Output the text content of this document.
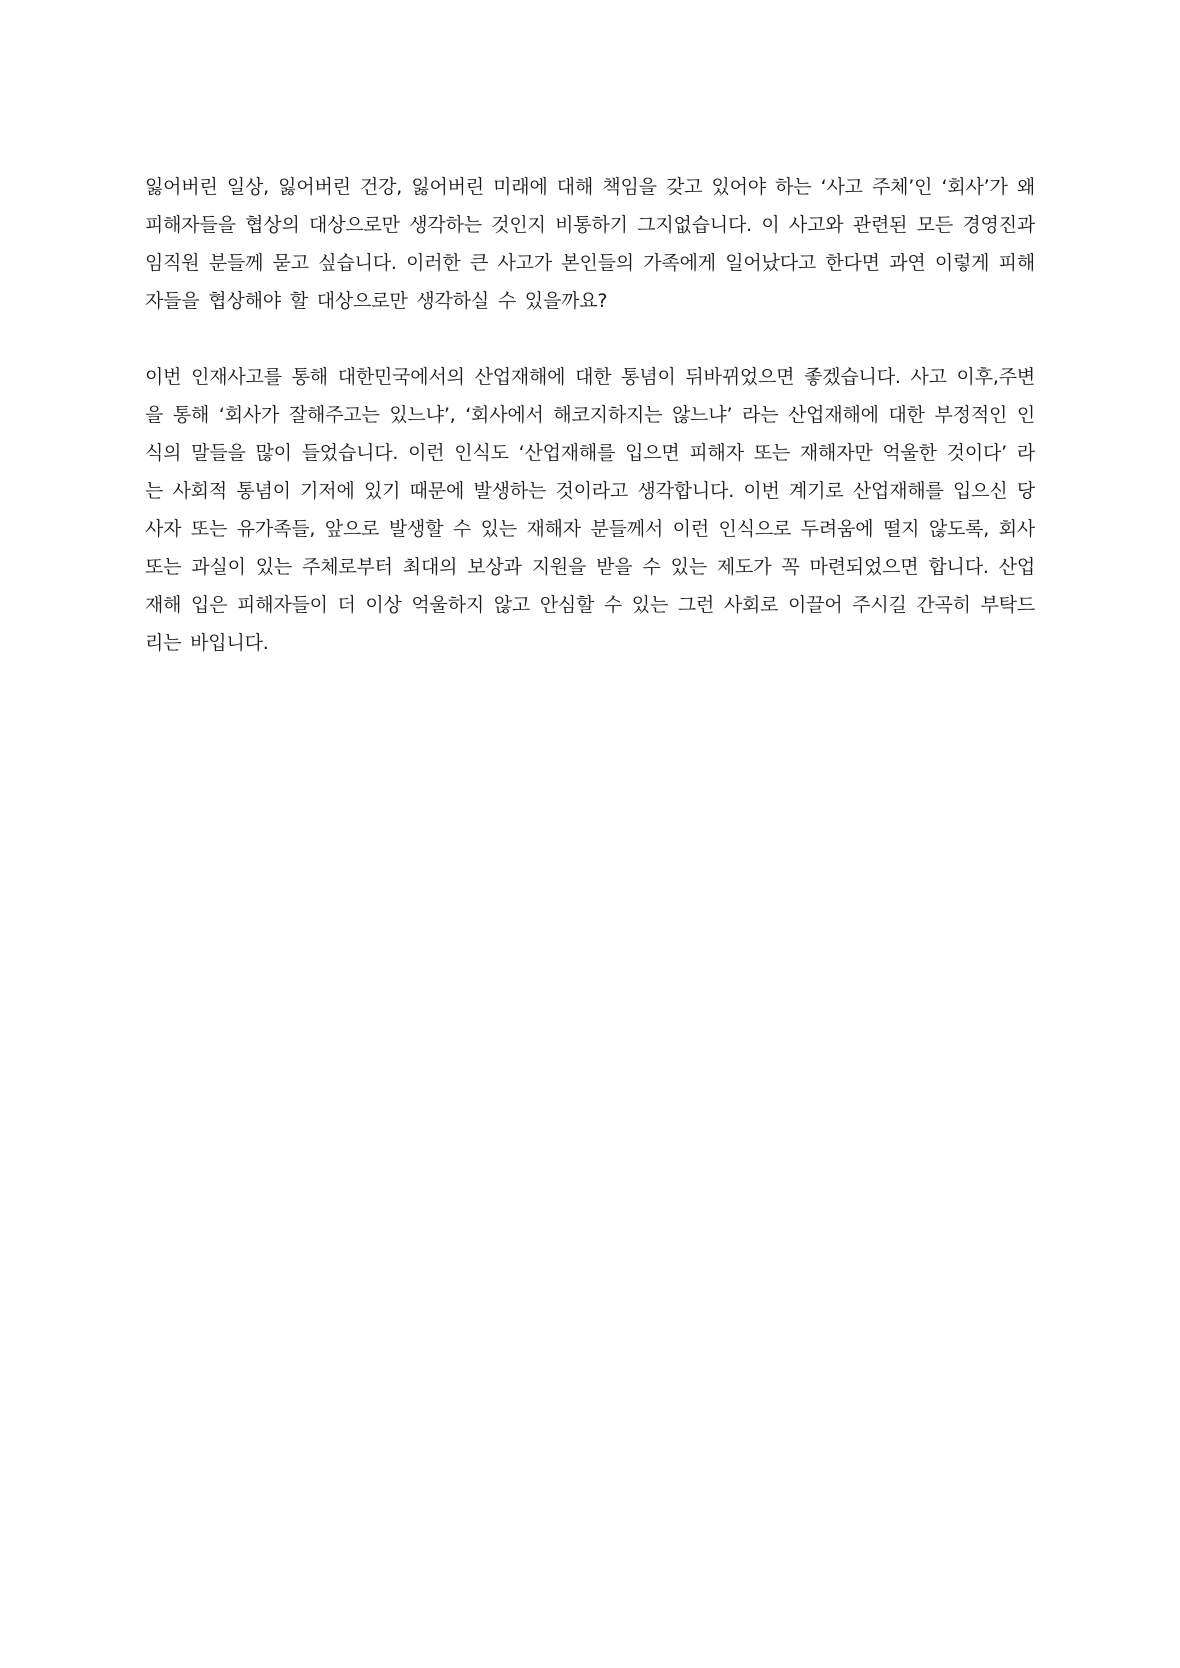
잃어버린 일상, 잃어버린 건강, 잃어버린 미래에 대해 책임을 갖고 있어야 하는 ‘사고 주체’인 ‘회사’가 왜 피해자들을 협상의 대상으로만 생각하는 것인지 비통하기 그지없습니다. 이 사고와 관련된 모든 경영진과 임직원 분들께 묻고 싶습니다. 이러한 큰 사고가 본인들의 가족에게 일어났다고 한다면 과연 이렇게 피해자들을 협상해야 할 대상으로만 생각하실 수 있을까요?

이번 인재사고를 통해 대한민국에서의 산업재해에 대한 통념이 뒤바뀌었으면 좋겠습니다. 사고 이후,주변을 통해 ‘회사가 잘해주고는 있느냐’, ‘회사에서 해코지하지는 않느냐’ 라는 산업재해에 대한 부정적인 인식의 말들을 많이 들었습니다. 이런 인식도 ‘산업재해를 입으면 피해자 또는 재해자만 억울한 것이다’ 라는 사회적 통념이 기저에 있기 때문에 발생하는 것이라고 생각합니다. 이번 계기로 산업재해를 입으신 당사자 또는 유가족들, 앞으로 발생할 수 있는 재해자 분들께서 이런 인식으로 두려움에 떨지 않도록, 회사 또는 과실이 있는 주체로부터 최대의 보상과 지원을 받을 수 있는 제도가 꼭 마련되었으면 합니다. 산업재해 입은 피해자들이 더 이상 억울하지 않고 안심할 수 있는 그런 사회로 이끌어 주시길 간곡히 부탁드리는 바입니다.
